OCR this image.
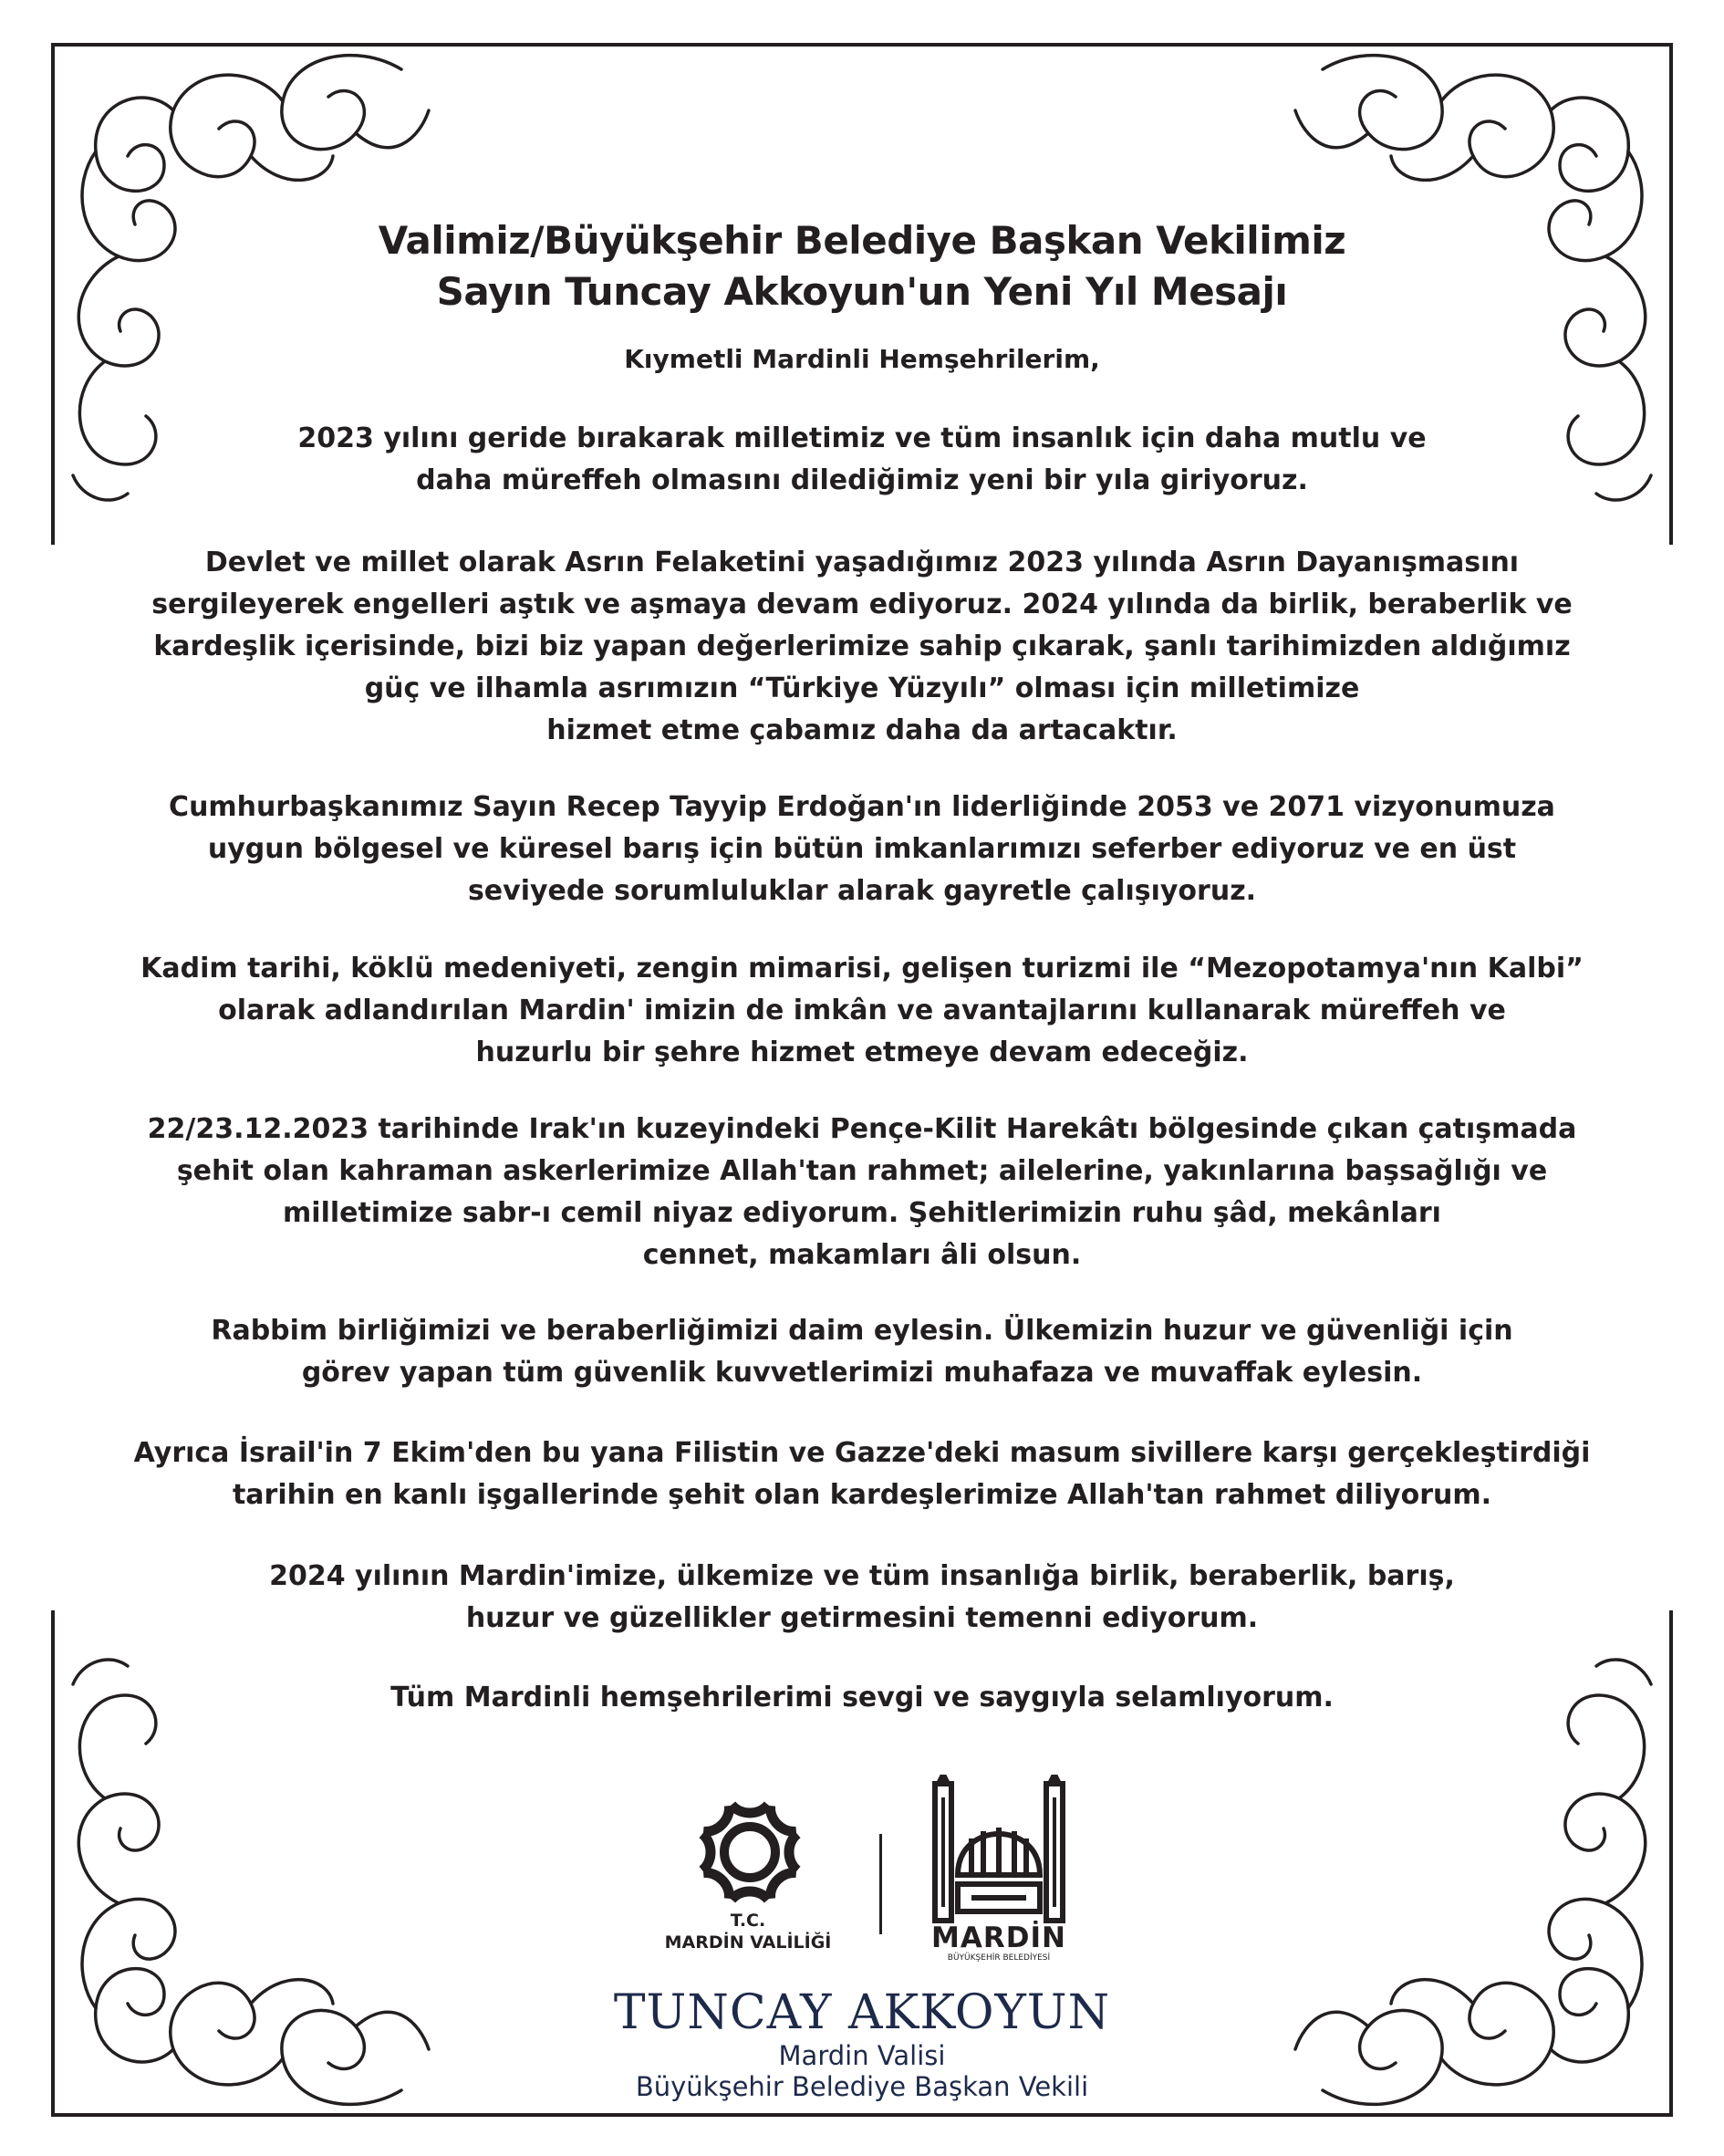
Valimiz/Büyükşehir Belediye Başkan Vekilimiz
Sayın Tuncay Akkoyun'un Yeni Yıl Mesajı
Kıymetli Mardinli Hemşehrilerim,
2023 yılını geride bırakarak milletimiz ve tüm insanlık için daha mutlu ve
daha müreffeh olmasını dilediğimiz yeni bir yıla giriyoruz.
Devlet ve millet olarak Asrın Felaketini yaşadığımız 2023 yılında Asrın Dayanışmasını
sergileyerek engelleri aştık ve aşmaya devam ediyoruz. 2024 yılında da birlik, beraberlik ve
kardeşlik içerisinde, bizi biz yapan değerlerimize sahip çıkarak, şanlı tarihimizden aldığımız
güç ve ilhamla asrımızın “Türkiye Yüzyılı” olması için milletimize
hizmet etme çabamız daha da artacaktır.
Cumhurbaşkanımız Sayın Recep Tayyip Erdoğan'ın liderliğinde 2053 ve 2071 vizyonumuza
uygun bölgesel ve küresel barış için bütün imkanlarımızı seferber ediyoruz ve en üst
seviyede sorumluluklar alarak gayretle çalışıyoruz.
Kadim tarihi, köklü medeniyeti, zengin mimarisi, gelişen turizmi ile “Mezopotamya'nın Kalbi”
olarak adlandırılan Mardin' imizin de imkân ve avantajlarını kullanarak müreffeh ve
huzurlu bir şehre hizmet etmeye devam edeceğiz.
22/23.12.2023 tarihinde Irak'ın kuzeyindeki Pençe-Kilit Harekâtı bölgesinde çıkan çatışmada
şehit olan kahraman askerlerimize Allah'tan rahmet; ailelerine, yakınlarına başsağlığı ve
milletimize sabr-ı cemil niyaz ediyorum. Şehitlerimizin ruhu şâd, mekânları
cennet, makamları âli olsun.
Rabbim birliğimizi ve beraberliğimizi daim eylesin. Ülkemizin huzur ve güvenliği için
görev yapan tüm güvenlik kuvvetlerimizi muhafaza ve muvaffak eylesin.
Ayrıca İsrail'in 7 Ekim'den bu yana Filistin ve Gazze'deki masum sivillere karşı gerçekleştirdiği
tarihin en kanlı işgallerinde şehit olan kardeşlerimize Allah'tan rahmet diliyorum.
2024 yılının Mardin'imize, ülkemize ve tüm insanlığa birlik, beraberlik, barış,
huzur ve güzellikler getirmesini temenni ediyorum.
Tüm Mardinli hemşehrilerimi sevgi ve saygıyla selamlıyorum.
T.C.
MARDİN VALİLİĞİ	MARDİN
BÜYÜKŞEHİR BELEDİYESİ
TUNCAY AKKOYUN
Mardin Valisi
Büyükşehir Belediye Başkan Vekili
